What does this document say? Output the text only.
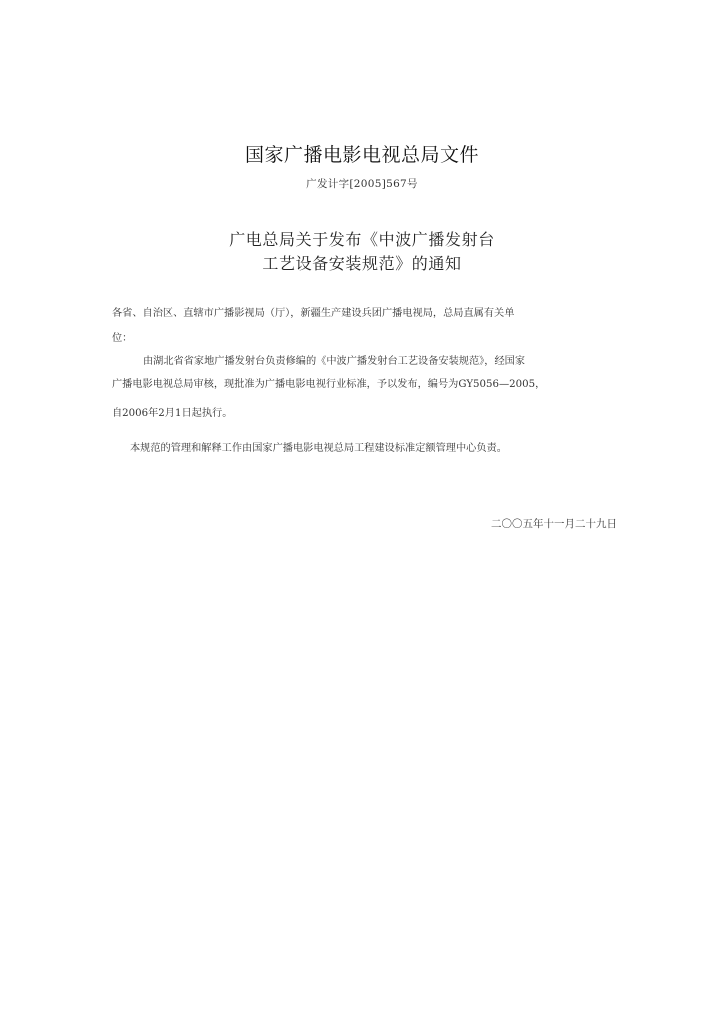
国家广播电影电视总局文件
广发计字[2005]567号
广电总局关于发布《中波广播发射台
工艺设备安装规范》的通知
各省、自治区、直辖市广播影视局（厅），新疆生产建设兵团广播电视局，总局直属有关单
位：
由湖北省省家地广播发射台负责修编的《中波广播发射台工艺设备安装规范》，经国家
广播电影电视总局审核，现批准为广播电影电视行业标准，予以发布，编号为GY5056—2005，
自2006年2月1日起执行。
本规范的管理和解释工作由国家广播电影电视总局工程建设标准定额管理中心负责。
二〇〇五年十一月二十九日
